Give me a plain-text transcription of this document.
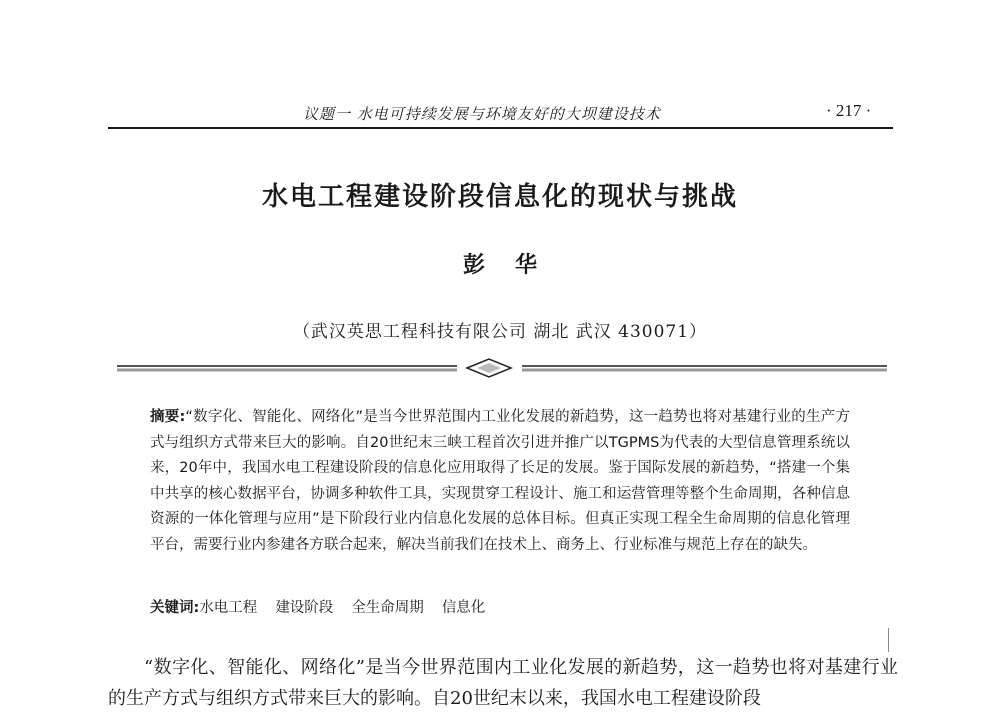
议题一 水电可持续发展与环境友好的大坝建设技术	· 217 ·
水电工程建设阶段信息化的现状与挑战
彭华
（武汉英思工程科技有限公司 湖北 武汉 430071）
摘要:“数字化、智能化、网络化”是当今世界范围内工业化发展的新趋势，这一趋势也将对基建行业的生产方式与组织方式带来巨大的影响。自20世纪末三峡工程首次引进并推广以TGPMS为代表的大型信息管理系统以来，20年中，我国水电工程建设阶段的信息化应用取得了长足的发展。鉴于国际发展的新趋势，“搭建一个集中共享的核心数据平台，协调多种软件工具，实现贯穿工程设计、施工和运营管理等整个生命周期，各种信息资源的一体化管理与应用”是下阶段行业内信息化发展的总体目标。但真正实现工程全生命周期的信息化管理平台，需要行业内参建各方联合起来，解决当前我们在技术上、商务上、行业标准与规范上存在的缺失。
关键词:水电工程 建设阶段 全生命周期 信息化

“数字化、智能化、网络化”是当今世界范围内工业化发展的新趋势，这一趋势也将对基建行业的生产方式与组织方式带来巨大的影响。自20世纪末以来，我国水电工程建设阶段
